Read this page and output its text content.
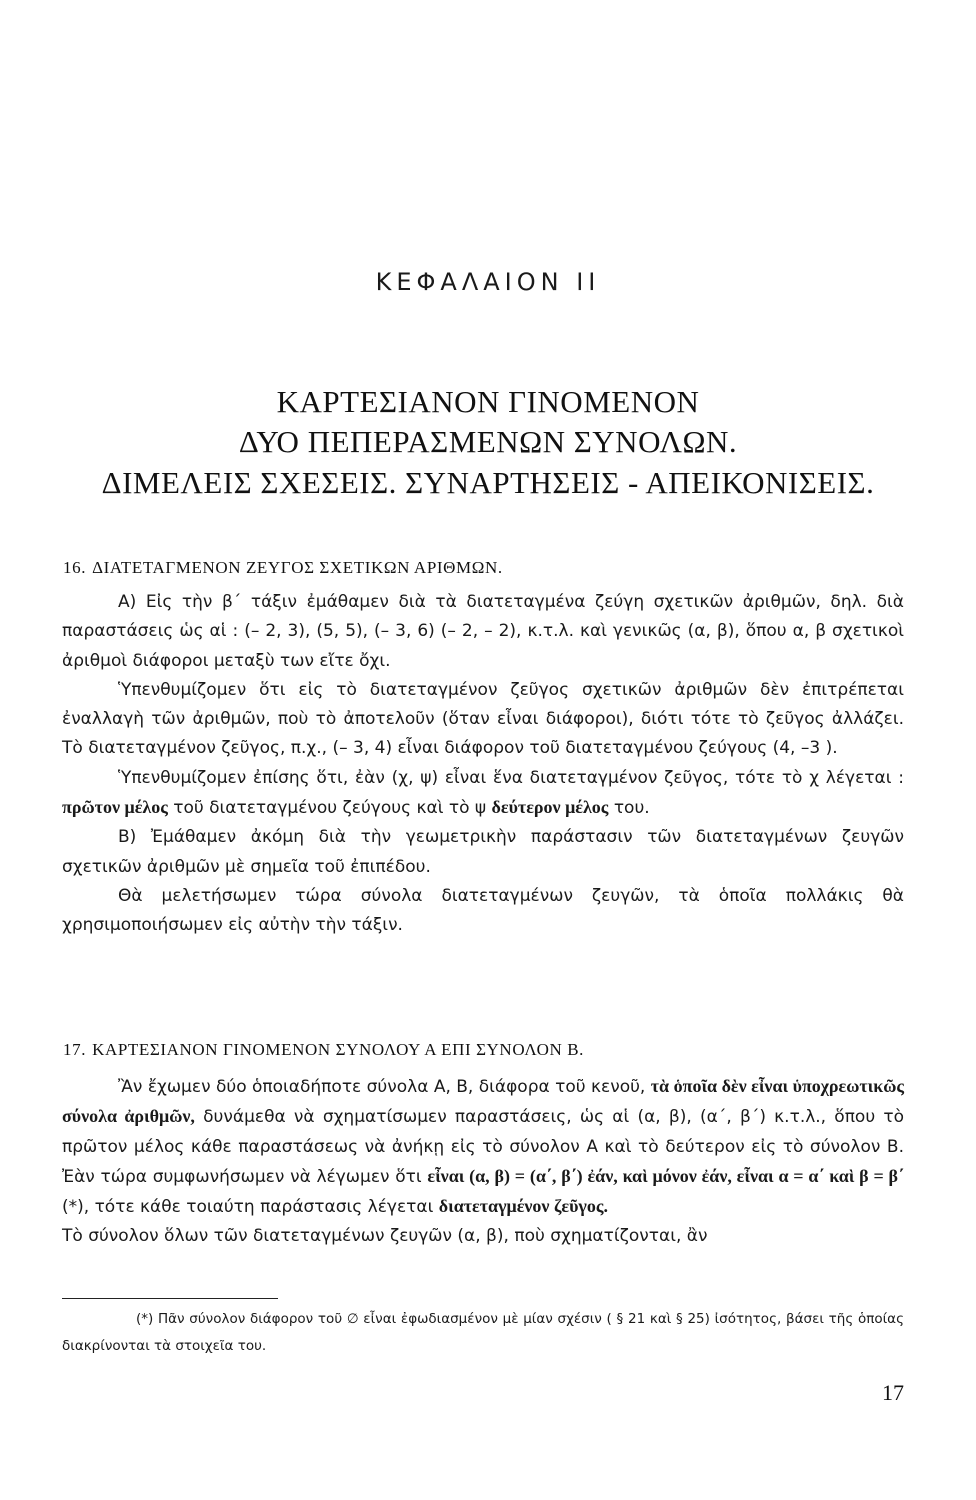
ΚΕΦΑΛΑΙΟΝ ΙΙ
ΚΑΡΤΕΣΙΑΝΟΝ ΓΙΝΟΜΕΝΟΝ
ΔΥΟ ΠΕΠΕΡΑΣΜΕΝΩΝ ΣΥΝΟΛΩΝ.
ΔΙΜΕΛΕΙΣ ΣΧΕΣΕΙΣ. ΣΥΝΑΡΤΗΣΕΙΣ - ΑΠΕΙΚΟΝΙΣΕΙΣ.
16. ΔΙΑΤΕΤΑΓΜΕΝΟΝ ΖΕΥΓΟΣ ΣΧΕΤΙΚΩΝ ΑΡΙΘΜΩΝ.
Α) Εἰς τὴν β΄ τάξιν ἐμάθαμεν διὰ τὰ διατεταγμένα ζεύγη σχετικῶν ἀριθμῶν, δηλ. διὰ παραστάσεις ὡς αἱ : (– 2, 3), (5, 5), (– 3, 6) (– 2, – 2), κ.τ.λ. καὶ γενικῶς (α, β), ὅπου α, β σχετικοὶ ἀριθμοὶ διάφοροι μεταξὺ των εἴτε ὄχι.
Ὑπενθυμίζομεν ὅτι εἰς τὸ διατεταγμένον ζεῦγος σχετικῶν ἀριθμῶν δὲν ἐπιτρέπεται ἐναλλαγὴ τῶν ἀριθμῶν, ποὺ τὸ ἀποτελοῦν (ὅταν εἶναι διάφοροι), διότι τότε τὸ ζεῦγος ἀλλάζει. Τὸ διατεταγμένον ζεῦγος, π.χ., (– 3, 4) εἶναι διάφορον τοῦ διατεταγμένου ζεύγους (4, –3 ).
Ὑπενθυμίζομεν ἐπίσης ὅτι, ἐὰν (χ, ψ) εἶναι ἕνα διατεταγμένον ζεῦγος, τότε τὸ χ λέγεται : πρῶτον μέλος τοῦ διατεταγμένου ζεύγους καὶ τὸ ψ δεύτερον μέλος του.
Β) Ἐμάθαμεν ἀκόμη διὰ τὴν γεωμετρικὴν παράστασιν τῶν διατεταγμένων ζευγῶν σχετικῶν ἀριθμῶν μὲ σημεῖα τοῦ ἐπιπέδου.
Θὰ μελετήσωμεν τώρα σύνολα διατεταγμένων ζευγῶν, τὰ ὁποῖα πολλάκις θὰ χρησιμοποιήσωμεν εἰς αὐτὴν τὴν τάξιν.
17. ΚΑΡΤΕΣΙΑΝΟΝ ΓΙΝΟΜΕΝΟΝ ΣΥΝΟΛΟΥ Α ΕΠΙ ΣΥΝΟΛΟΝ Β.
Ἂν ἔχωμεν δύο ὁποιαδήποτε σύνολα Α, Β, διάφορα τοῦ κενοῦ, τὰ ὁποῖα δὲν εἶναι ὑποχρεωτικῶς σύνολα ἀριθμῶν, δυνάμεθα νὰ σχηματίσωμεν παραστάσεις, ὡς αἱ (α, β), (α΄, β΄) κ.τ.λ., ὅπου τὸ πρῶτον μέλος κάθε παραστάσεως νὰ ἀνήκῃ εἰς τὸ σύνολον Α καὶ τὸ δεύτερον εἰς τὸ σύνολον Β. Ἐὰν τώρα συμφωνήσωμεν νὰ λέγωμεν ὅτι εἶναι (α, β) = (α΄, β΄) ἐάν, καὶ μόνον ἐάν, εἶναι α = α΄ καὶ β = β΄ (*), τότε κάθε τοιαύτη παράστασις λέγεται διατεταγμένον ζεῦγος.
Τὸ σύνολον ὅλων τῶν διατεταγμένων ζευγῶν (α, β), ποὺ σχηματίζονται, ἂν

(*) Πᾶν σύνολον διάφορον τοῦ ∅ εἶναι ἐφωδιασμένον μὲ μίαν σχέσιν ( § 21 καὶ § 25) ἰσότητος, βάσει τῆς ὁποίας διακρίνονται τὰ στοιχεῖα του.

17
